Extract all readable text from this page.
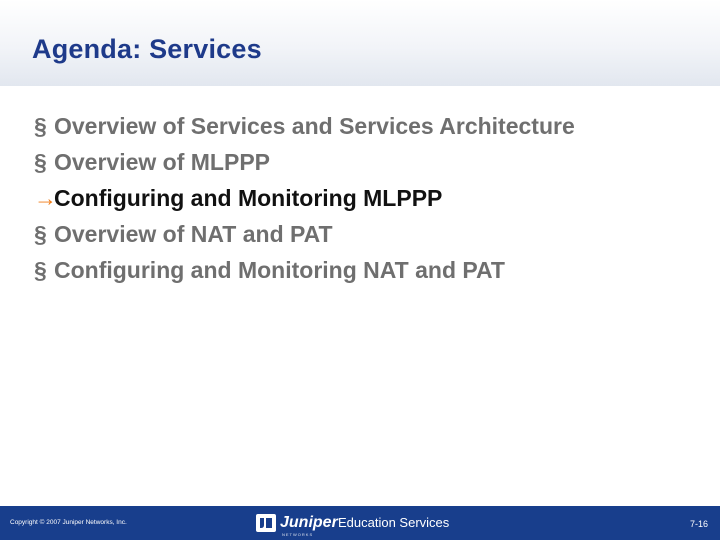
Agenda: Services
§ Overview of Services and Services Architecture
§ Overview of MLPPP
→
Configuring and Monitoring MLPPP
§ Overview of NAT and PAT
§ Configuring and Monitoring NAT and PAT
Copyright © 2007 Juniper Networks, Inc.	Juniper
NETWORKS
Education Services	7-16
